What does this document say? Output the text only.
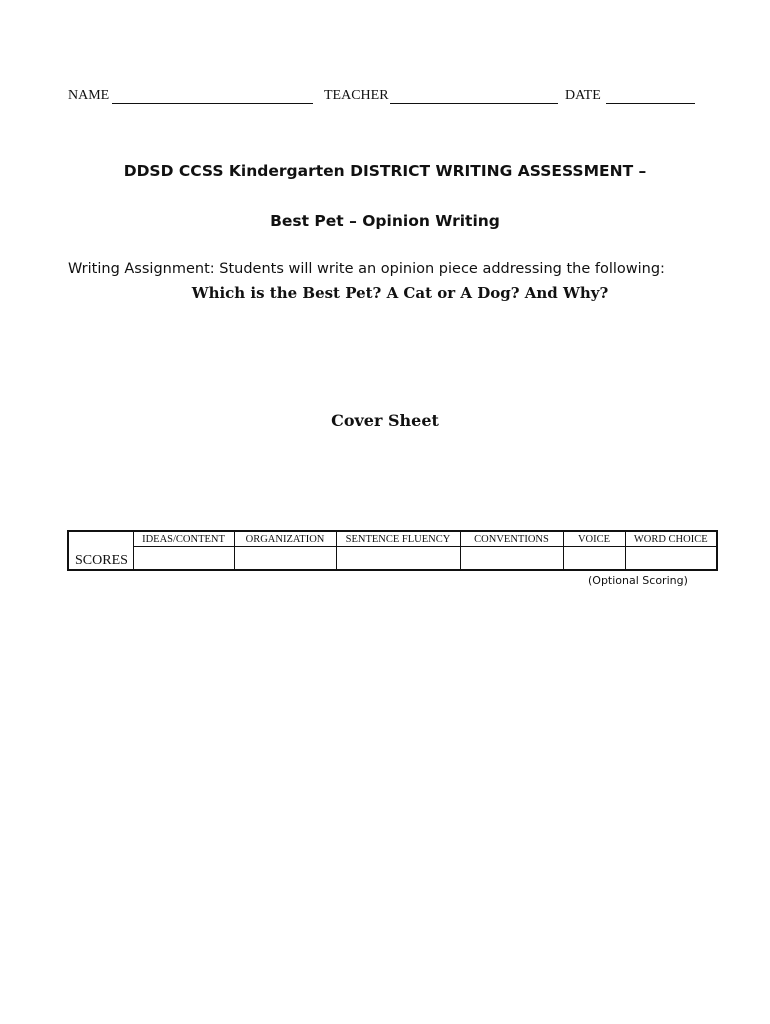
NAME	TEACHER	DATE
DDSD CCSS Kindergarten DISTRICT WRITING ASSESSMENT –
Best Pet – Opinion Writing
Writing Assignment: Students will write an opinion piece addressing the following:
Which is the Best Pet? A Cat or A Dog? And Why?
Cover Sheet
	IDEAS/CONTENT	ORGANIZATION	SENTENCE FLUENCY	CONVENTIONS	VOICE	WORD CHOICE
SCORES						
(Optional Scoring)
